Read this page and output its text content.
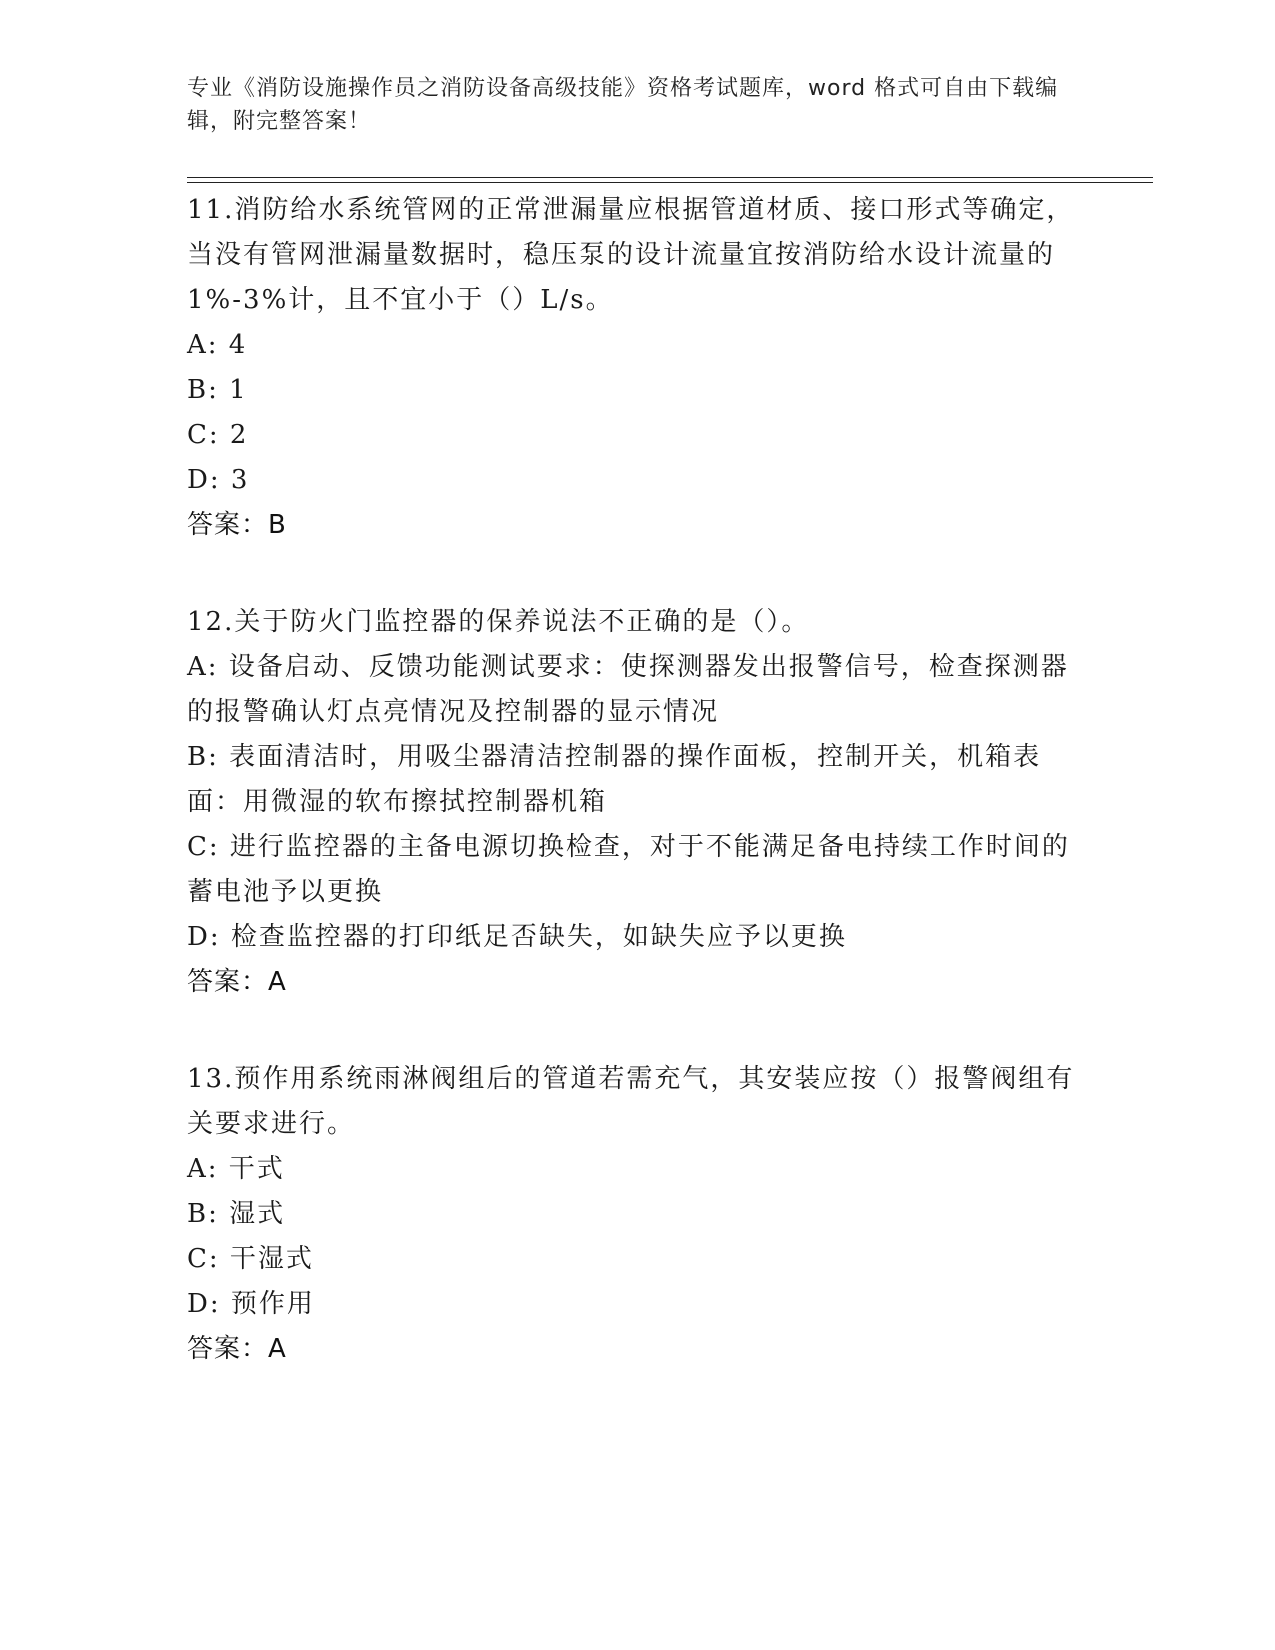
专业《消防设施操作员之消防设备高级技能》资格考试题库，word 格式可自由下载编辑，附完整答案！
11.消防给水系统管网的正常泄漏量应根据管道材质、接口形式等确定，当没有管网泄漏量数据时，稳压泵的设计流量宜按消防给水设计流量的 1%-3%计，且不宜小于（）L/s。
A: 4
B: 1
C: 2
D: 3
答案：B
12.关于防火门监控器的保养说法不正确的是（）。
A: 设备启动、反馈功能测试要求：使探测器发出报警信号，检查探测器的报警确认灯点亮情况及控制器的显示情况
B: 表面清洁时，用吸尘器清洁控制器的操作面板，控制开关，机箱表面：用微湿的软布擦拭控制器机箱
C: 进行监控器的主备电源切换检查，对于不能满足备电持续工作时间的蓄电池予以更换
D: 检查监控器的打印纸足否缺失，如缺失应予以更换
答案：A
13.预作用系统雨淋阀组后的管道若需充气，其安装应按（）报警阀组有关要求进行。
A: 干式
B: 湿式
C: 干湿式
D: 预作用
答案：A
